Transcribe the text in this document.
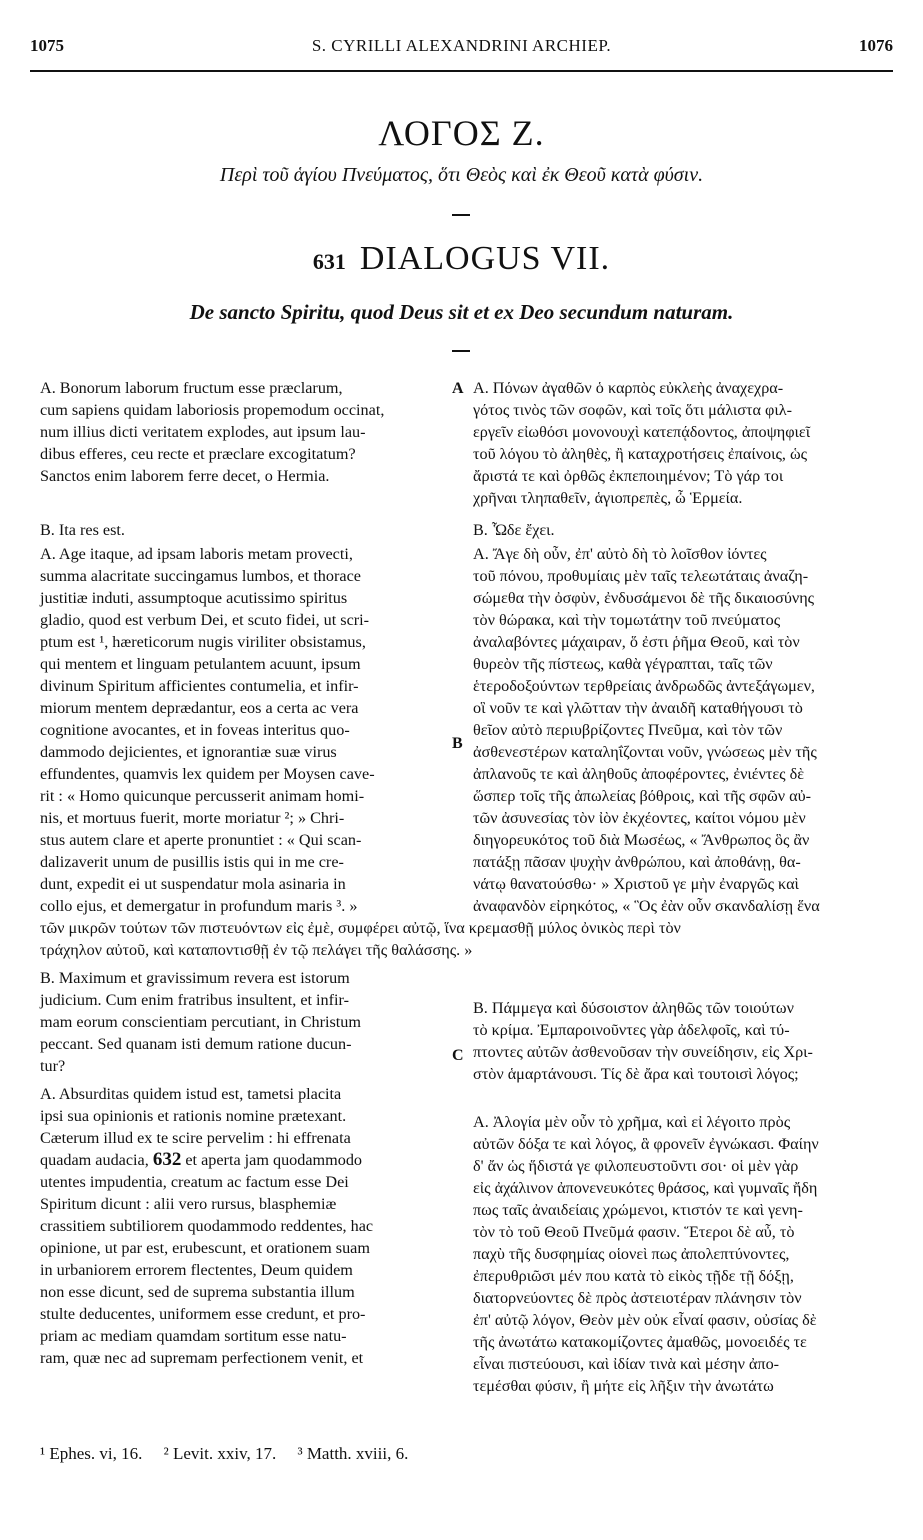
1075	S. CYRILLI ALEXANDRINI ARCHIEP.	1076
ΛΟΓΟΣ Ζ.
Περὶ τοῦ ἁγίου Πνεύματος, ὅτι Θεὸς καὶ ἐκ Θεοῦ κατὰ φύσιν.
631 DIALOGUS VII.
De sancto Spiritu, quod Deus sit et ex Deo secundum naturam.
A
B
C
A. Bonorum laborum fructum esse præclarum,
cum sapiens quidam laboriosis propemodum occinat,
num illius dicti veritatem explodes, aut ipsum lau-
dibus efferes, ceu recte et præclare excogitatum?
Sanctos enim laborem ferre decet, o Hermia.
B. Ita res est.
A. Age itaque, ad ipsam laboris metam provecti,
summa alacritate succingamus lumbos, et thorace
justitiæ induti, assumptoque acutissimo spiritus
gladio, quod est verbum Dei, et scuto fidei, ut scri-
ptum est ¹, hæreticorum nugis viriliter obsistamus,
qui mentem et linguam petulantem acuunt, ipsum
divinum Spiritum afficientes contumelia, et infir-
miorum mentem deprædantur, eos a certa ac vera
cognitione avocantes, et in foveas interitus quo-
dammodo dejicientes, et ignorantiæ suæ virus
effundentes, quamvis lex quidem per Moysen cave-
rit : « Homo quicunque percusserit animam homi-
nis, et mortuus fuerit, morte moriatur ²; » Chri-
stus autem clare et aperte pronuntiet : « Qui scan-
dalizaverit unum de pusillis istis qui in me cre-
dunt, expedit ei ut suspendatur mola asinaria in
collo ejus, et demergatur in profundum maris ³. »
Α. Πόνων ἀγαθῶν ὁ καρπὸς εὐκλεὴς ἀναχεχρα-
γότος τινὸς τῶν σοφῶν, καὶ τοῖς ὅτι μάλιστα φιλ-
εργεῖν εἰωθόσι μονονουχὶ κατεπᾴδοντος, ἀποψηφιεῖ
τοῦ λόγου τὸ ἀληθὲς, ἢ καταχροτήσεις ἐπαίνοις, ὡς
ἄριστά τε καὶ ὀρθῶς ἐκπεποιημένον; Τὸ γάρ τοι
χρῆναι τληπαθεῖν, ἁγιοπρεπὲς, ὦ Ἑρμεία.
Β. Ὧδε ἔχει.
Α. Ἄγε δὴ οὖν, ἐπ' αὐτὸ δὴ τὸ λοῖσθον ἰόντες
τοῦ πόνου, προθυμίαις μὲν ταῖς τελεωτάταις ἀναζη-
σώμεθα τὴν ὀσφὺν, ἐνδυσάμενοι δὲ τῆς δικαιοσύνης
τὸν θώρακα, καὶ τὴν τομωτάτην τοῦ πνεύματος
ἀναλαβόντες μάχαιραν, ὅ ἐστι ῥῆμα Θεοῦ, καὶ τὸν
θυρεὸν τῆς πίστεως, καθὰ γέγραπται, ταῖς τῶν
ἑτεροδοξούντων τερθρείαις ἀνδρωδῶς ἀντεξάγωμεν,
οἳ νοῦν τε καὶ γλῶτταν τὴν ἀναιδῆ καταθήγουσι τὸ
θεῖον αὐτὸ περιυβρίζοντες Πνεῦμα, καὶ τὸν τῶν
ἀσθενεστέρων καταληΐζονται νοῦν, γνώσεως μὲν τῆς
ἀπλανοῦς τε καὶ ἀληθοῦς ἀποφέροντες, ἐνιέντες δὲ
ὥσπερ τοῖς τῆς ἀπωλείας βόθροις, καὶ τῆς σφῶν αὐ-
τῶν ἀσυνεσίας τὸν ἰὸν ἐκχέοντες, καίτοι νόμου μὲν
διηγορευκότος τοῦ διὰ Μωσέως, « Ἄνθρωπος ὃς ἂν
πατάξῃ πᾶσαν ψυχὴν ἀνθρώπου, καὶ ἀποθάνῃ, θα-
νάτῳ θανατούσθω· » Χριστοῦ γε μὴν ἐναργῶς καὶ
ἀναφανδὸν εἰρηκότος, « Ὃς ἐὰν οὖν σκανδαλίσῃ ἕνα
τῶν μικρῶν τούτων τῶν πιστευόντων εἰς ἐμὲ, συμφέρει αὐτῷ, ἵνα κρεμασθῇ μύλος ὀνικὸς περὶ τὸν
τράχηλον αὐτοῦ, καὶ καταποντισθῇ ἐν τῷ πελάγει τῆς θαλάσσης. »
B. Maximum et gravissimum revera est istorum
judicium. Cum enim fratribus insultent, et infir-
mam eorum conscientiam percutiant, in Christum
peccant. Sed quanam isti demum ratione ducun-
tur?
Β. Πάμμεγα καὶ δύσοιστον ἀληθῶς τῶν τοιούτων
τὸ κρίμα. Ἐμπαροινοῦντες γὰρ ἀδελφοῖς, καὶ τύ-
πτοντες αὐτῶν ἀσθενοῦσαν τὴν συνείδησιν, εἰς Χρι-
στὸν ἁμαρτάνουσι. Τίς δὲ ἄρα καὶ τουτοισὶ λόγος;
A. Absurditas quidem istud est, tametsi placita
ipsi sua opinionis et rationis nomine prætexant.
Cæterum illud ex te scire pervelim : hi effrenata
quadam audacia, 632 et aperta jam quodammodo
utentes impudentia, creatum ac factum esse Dei
Spiritum dicunt : alii vero rursus, blasphemiæ
crassitiem subtiliorem quodammodo reddentes, hac
opinione, ut par est, erubescunt, et orationem suam
in urbaniorem errorem flectentes, Deum quidem
non esse dicunt, sed de suprema substantia illum
stulte deducentes, uniformem esse credunt, et pro-
priam ac mediam quamdam sortitum esse natu-
ram, quæ nec ad supremam perfectionem venit, et
Α. Ἀλογία μὲν οὖν τὸ χρῆμα, καὶ εἰ λέγοιτο πρὸς
αὐτῶν δόξα τε καὶ λόγος, ἃ φρονεῖν ἐγνώκασι. Φαίην
δ' ἄν ὡς ἥδιστά γε φιλοπευστοῦντι σοι· οἱ μὲν γὰρ
εἰς ἀχάλινον ἀπονενευκότες θράσος, καὶ γυμναῖς ἤδη
πως ταῖς ἀναιδείαις χρώμενοι, κτιστόν τε καὶ γενη-
τὸν τὸ τοῦ Θεοῦ Πνεῦμά φασιν. Ἕτεροι δὲ αὖ, τὸ
παχὺ τῆς δυσφημίας οἱονεὶ πως ἀπολεπτύνοντες,
ἐπερυθριῶσι μέν που κατὰ τὸ εἰκὸς τῇδε τῇ δόξῃ,
διατορνεύοντες δὲ πρὸς ἀστειοτέραν πλάνησιν τὸν
ἐπ' αὐτῷ λόγον, Θεὸν μὲν οὐκ εἶναί φασιν, οὐσίας δὲ
τῆς ἀνωτάτω κατακομίζοντες ἀμαθῶς, μονοειδές τε
εἶναι πιστεύουσι, καὶ ἰδίαν τινὰ καὶ μέσην ἀπο-
τεμέσθαι φύσιν, ἢ μήτε εἰς λῆξιν τὴν ἀνωτάτω
¹ Ephes. vi, 16. ² Levit. xxiv, 17. ³ Matth. xviii, 6.
